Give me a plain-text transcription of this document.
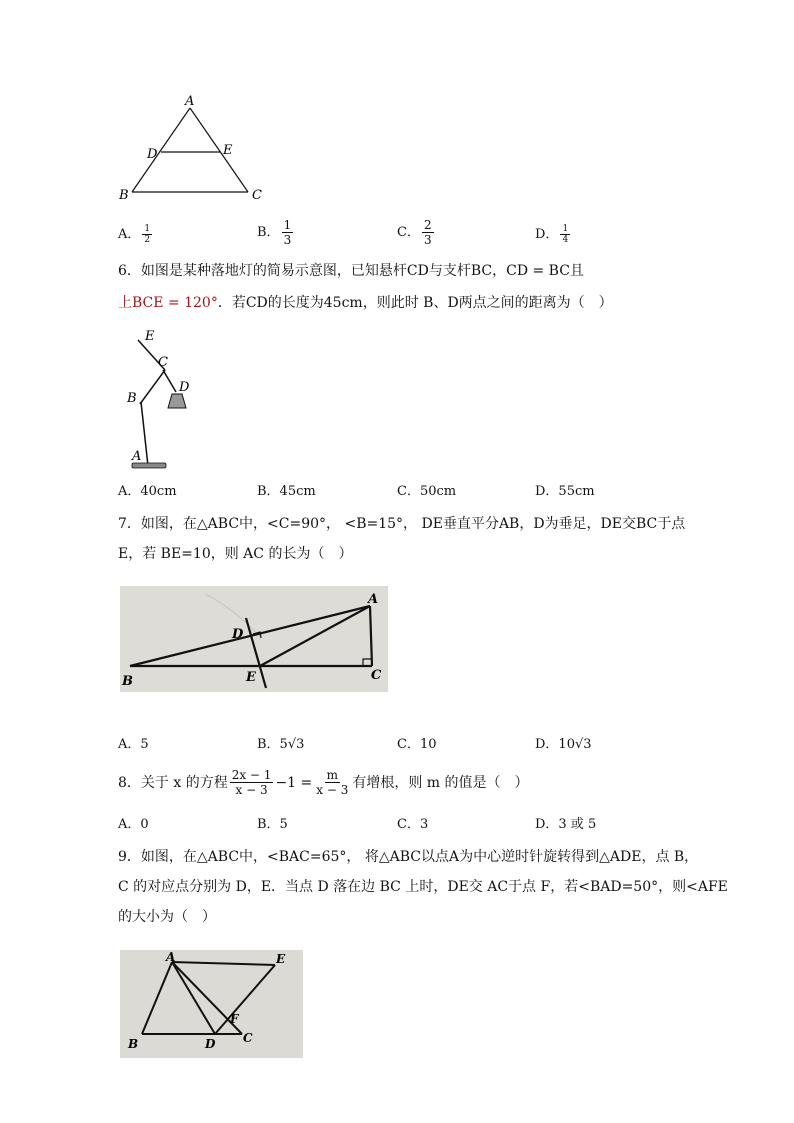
A
D	E
B	C
A． $\frac{1}{2}$	B． $\frac{1}{3}$	C． $\frac{2}{3}$	D． $\frac{1}{4}$
6．如图是某种落地灯的简易示意图，已知悬杆CD与支杆BC，CD = BC且
上BCE = 120°．若CD的长度为45cm，则此时 B、D两点之间的距离为（　）
E
C
D
B
A
A．40cm	B．45cm	C．50cm	D．55cm
7．如图，在△ABC中，<C=90°， <B=15°， DE垂直平分AB，D为垂足，DE交BC于点
E，若 BE=10，则 AC 的长为（　）
A
D
B	E	C
A．5	B．5√3	C．10	D．10√3
8．关于 x 的方程 $\frac{2x - 1}{x - 3} -1 = \frac{m}{x - 3}$ 有增根，则 m 的值是（　）
A．0	B．5	C．3	D．3 或 5
9．如图，在△ABC中，<BAC=65°， 将△ABC以点A为中心逆时针旋转得到△ADE，点 B，
C 的对应点分别为 D，E．当点 D 落在边 BC 上时，DE交 AC于点 F，若<BAD=50°，则<AFE
的大小为（　）
A	E
F
B	D C
